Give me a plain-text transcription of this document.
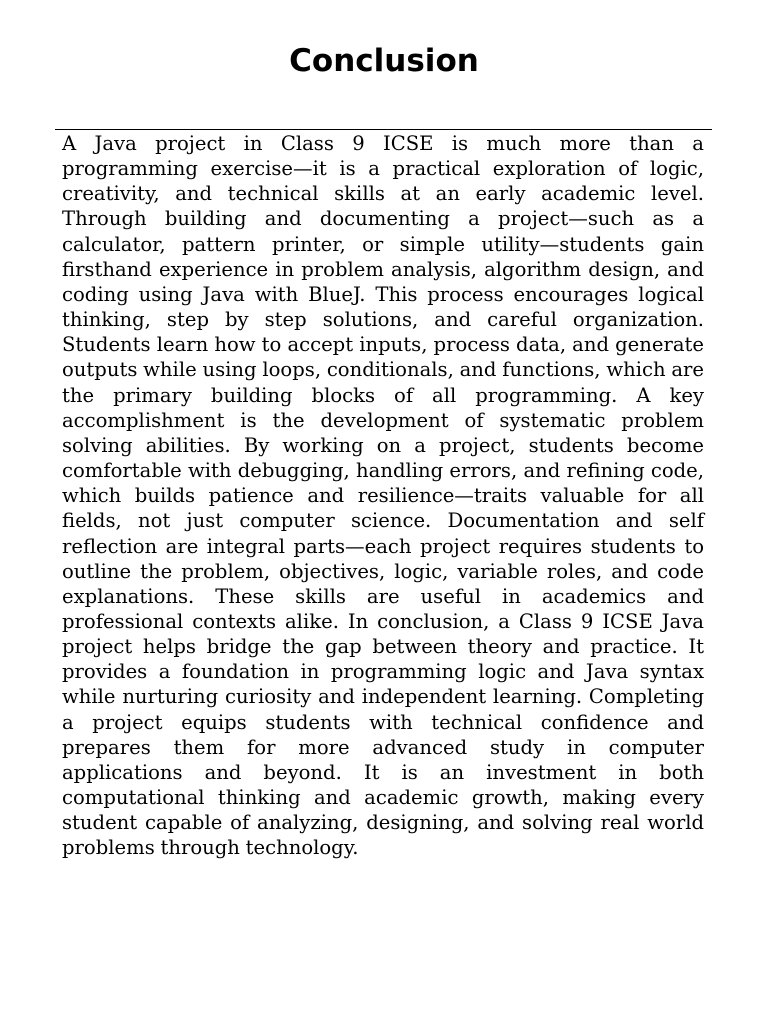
Conclusion

A Java project in Class 9 ICSE is much more than a programming exercise—it is a practical exploration of logic, creativity, and technical skills at an early academic level. Through building and documenting a project—such as a calculator, pattern printer, or simple utility—students gain firsthand experience in problem analysis, algorithm design, and coding using Java with BlueJ. This process encourages logical thinking, step by step solutions, and careful organization. Students learn how to accept inputs, process data, and generate outputs while using loops, conditionals, and functions, which are the primary building blocks of all programming. A key accomplishment is the development of systematic problem solving abilities. By working on a project, students become comfortable with debugging, handling errors, and refining code, which builds patience and resilience—traits valuable for all fields, not just computer science. Documentation and self reflection are integral parts—each project requires students to outline the problem, objectives, logic, variable roles, and code explanations. These skills are useful in academics and professional contexts alike. In conclusion, a Class 9 ICSE Java project helps bridge the gap between theory and practice. It provides a foundation in programming logic and Java syntax while nurturing curiosity and independent learning. Completing a project equips students with technical confidence and prepares them for more advanced study in computer applications and beyond. It is an investment in both computational thinking and academic growth, making every student capable of analyzing, designing, and solving real world problems through technology.
